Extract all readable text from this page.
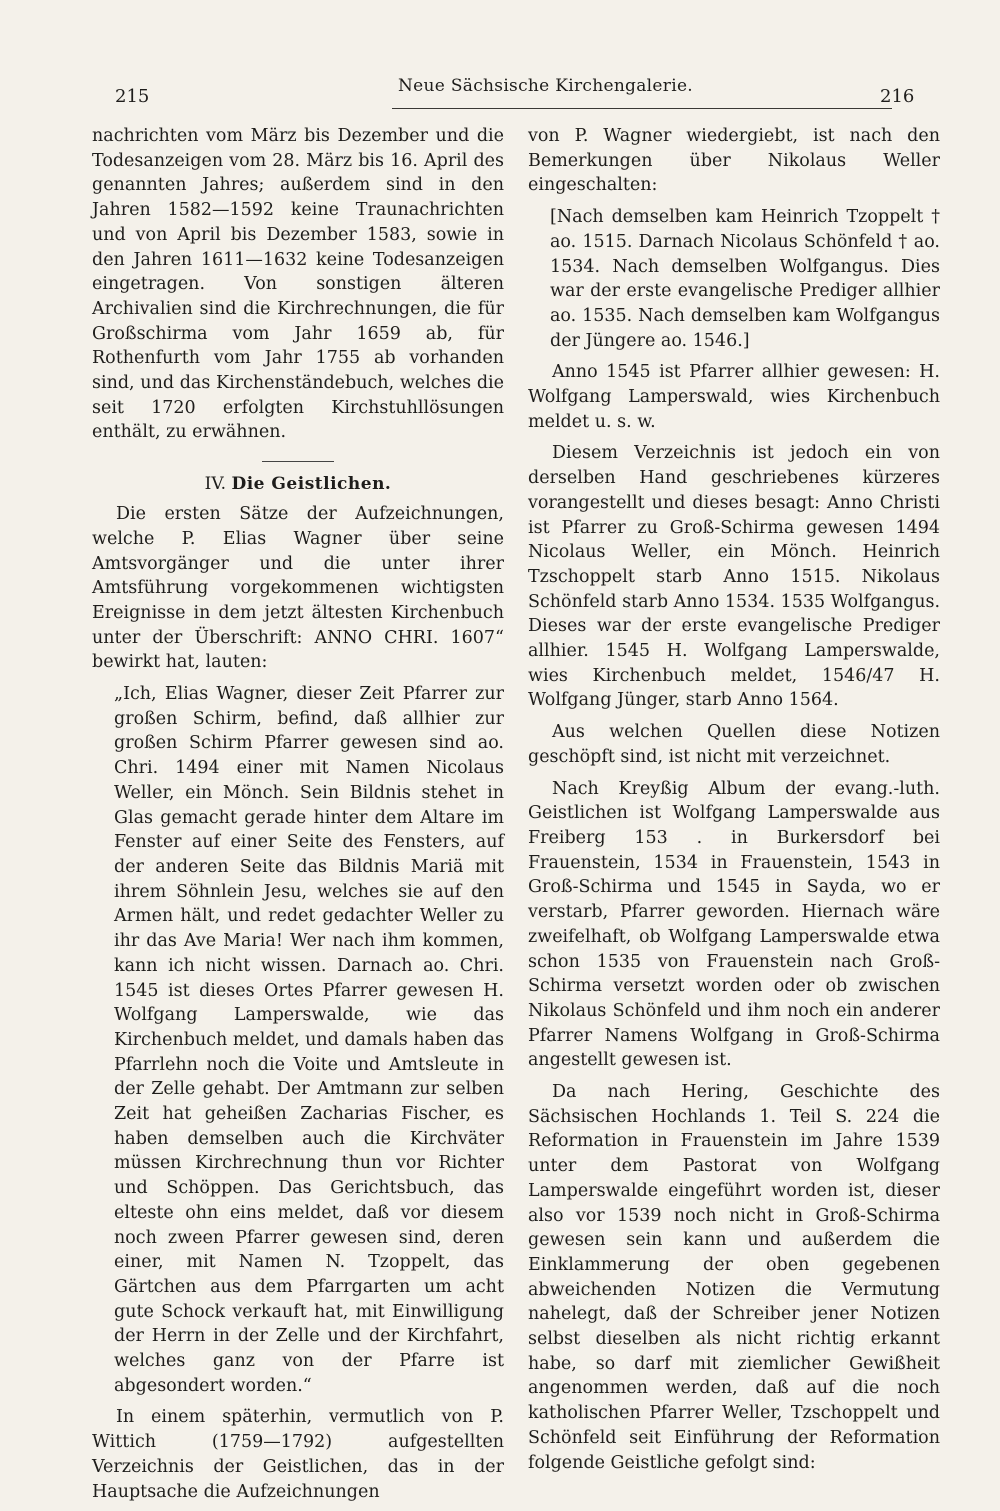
215	Neue Sächsische Kirchengalerie.	216

nachrichten vom März bis Dezember und die Todesanzeigen vom 28. März bis 16. April des genannten Jahres; außerdem sind in den Jahren 1582—1592 keine Traunachrichten und von April bis Dezember 1583, sowie in den Jahren 1611—1632 keine Todesanzeigen eingetragen. Von sonstigen älteren Archivalien sind die Kirchrechnungen, die für Großschirma vom Jahr 1659 ab, für Rothenfurth vom Jahr 1755 ab vorhanden sind, und das Kirchenständebuch, welches die seit 1720 erfolgten Kirchstuhllösungen enthält, zu erwähnen.

IV. Die Geistlichen.

Die ersten Sätze der Aufzeichnungen, welche P. Elias Wagner über seine Amtsvorgänger und die unter ihrer Amtsführung vorgekommenen wichtigsten Ereignisse in dem jetzt ältesten Kirchenbuch unter der Überschrift: ANNO CHRI. 1607“ bewirkt hat, lauten:

„Ich, Elias Wagner, dieser Zeit Pfarrer zur großen Schirm, befind, daß allhier zur großen Schirm Pfarrer gewesen sind ao. Chri. 1494 einer mit Namen Nicolaus Weller, ein Mönch. Sein Bildnis stehet in Glas gemacht gerade hinter dem Altare im Fenster auf einer Seite des Fensters, auf der anderen Seite das Bildnis Mariä mit ihrem Söhnlein Jesu, welches sie auf den Armen hält, und redet gedachter Weller zu ihr das Ave Maria! Wer nach ihm kommen, kann ich nicht wissen. Darnach ao. Chri. 1545 ist dieses Ortes Pfarrer gewesen H. Wolfgang Lamperswalde, wie das Kirchenbuch meldet, und damals haben das Pfarrlehn noch die Voite und Amtsleute in der Zelle gehabt. Der Amtmann zur selben Zeit hat geheißen Zacharias Fischer, es haben demselben auch die Kirchväter müssen Kirchrechnung thun vor Richter und Schöppen. Das Gerichtsbuch, das elteste ohn eins meldet, daß vor diesem noch zween Pfarrer gewesen sind, deren einer, mit Namen N. Tzoppelt, das Gärtchen aus dem Pfarrgarten um acht gute Schock verkauft hat, mit Einwilligung der Herrn in der Zelle und der Kirchfahrt, welches ganz von der Pfarre ist abgesondert worden.“

In einem späterhin, vermutlich von P. Wittich (1759—1792) aufgestellten Verzeichnis der Geistlichen, das in der Hauptsache die Aufzeichnungen

von P. Wagner wiedergiebt, ist nach den Bemerkungen über Nikolaus Weller eingeschalten:

[Nach demselben kam Heinrich Tzoppelt † ao. 1515. Darnach Nicolaus Schönfeld † ao. 1534. Nach demselben Wolfgangus. Dies war der erste evangelische Prediger allhier ao. 1535. Nach demselben kam Wolfgangus der Jüngere ao. 1546.]

Anno 1545 ist Pfarrer allhier gewesen: H. Wolfgang Lamperswald, wies Kirchenbuch meldet u. s. w.

Diesem Verzeichnis ist jedoch ein von derselben Hand geschriebenes kürzeres vorangestellt und dieses besagt: Anno Christi ist Pfarrer zu Groß-Schirma gewesen 1494 Nicolaus Weller, ein Mönch. Heinrich Tzschoppelt starb Anno 1515. Nikolaus Schönfeld starb Anno 1534. 1535 Wolfgangus. Dieses war der erste evangelische Prediger allhier. 1545 H. Wolfgang Lamperswalde, wies Kirchenbuch meldet, 1546/47 H. Wolfgang Jünger, starb Anno 1564.

Aus welchen Quellen diese Notizen geschöpft sind, ist nicht mit verzeichnet.

Nach Kreyßig Album der evang.-luth. Geistlichen ist Wolfgang Lamperswalde aus Freiberg 153 . in Burkersdorf bei Frauenstein, 1534 in Frauenstein, 1543 in Groß-Schirma und 1545 in Sayda, wo er verstarb, Pfarrer geworden. Hiernach wäre zweifelhaft, ob Wolfgang Lamperswalde etwa schon 1535 von Frauenstein nach Groß-Schirma versetzt worden oder ob zwischen Nikolaus Schönfeld und ihm noch ein anderer Pfarrer Namens Wolfgang in Groß-Schirma angestellt gewesen ist.

Da nach Hering, Geschichte des Sächsischen Hochlands 1. Teil S. 224 die Reformation in Frauenstein im Jahre 1539 unter dem Pastorat von Wolfgang Lamperswalde eingeführt worden ist, dieser also vor 1539 noch nicht in Groß-Schirma gewesen sein kann und außerdem die Einklammerung der oben gegebenen abweichenden Notizen die Vermutung nahelegt, daß der Schreiber jener Notizen selbst dieselben als nicht richtig erkannt habe, so darf mit ziemlicher Gewißheit angenommen werden, daß auf die noch katholischen Pfarrer Weller, Tzschoppelt und Schönfeld seit Einführung der Reformation folgende Geistliche gefolgt sind:
